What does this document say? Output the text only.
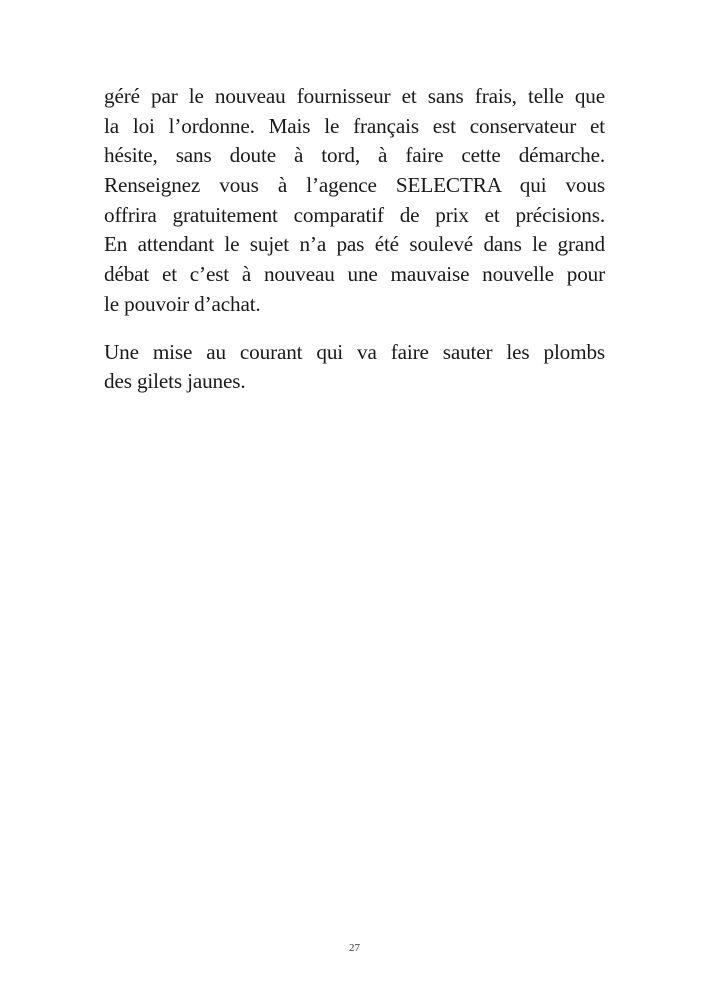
géré par le nouveau fournisseur et sans frais, telle que
la loi l’ordonne. Mais le français est conservateur et
hésite, sans doute à tord, à faire cette démarche.
Renseignez vous à l’agence SELECTRA qui vous
offrira gratuitement comparatif de prix et précisions.
En attendant le sujet n’a pas été soulevé dans le grand
débat et c’est à nouveau une mauvaise nouvelle pour
le pouvoir d’achat.
Une mise au courant qui va faire sauter les plombs
des gilets jaunes.
27
